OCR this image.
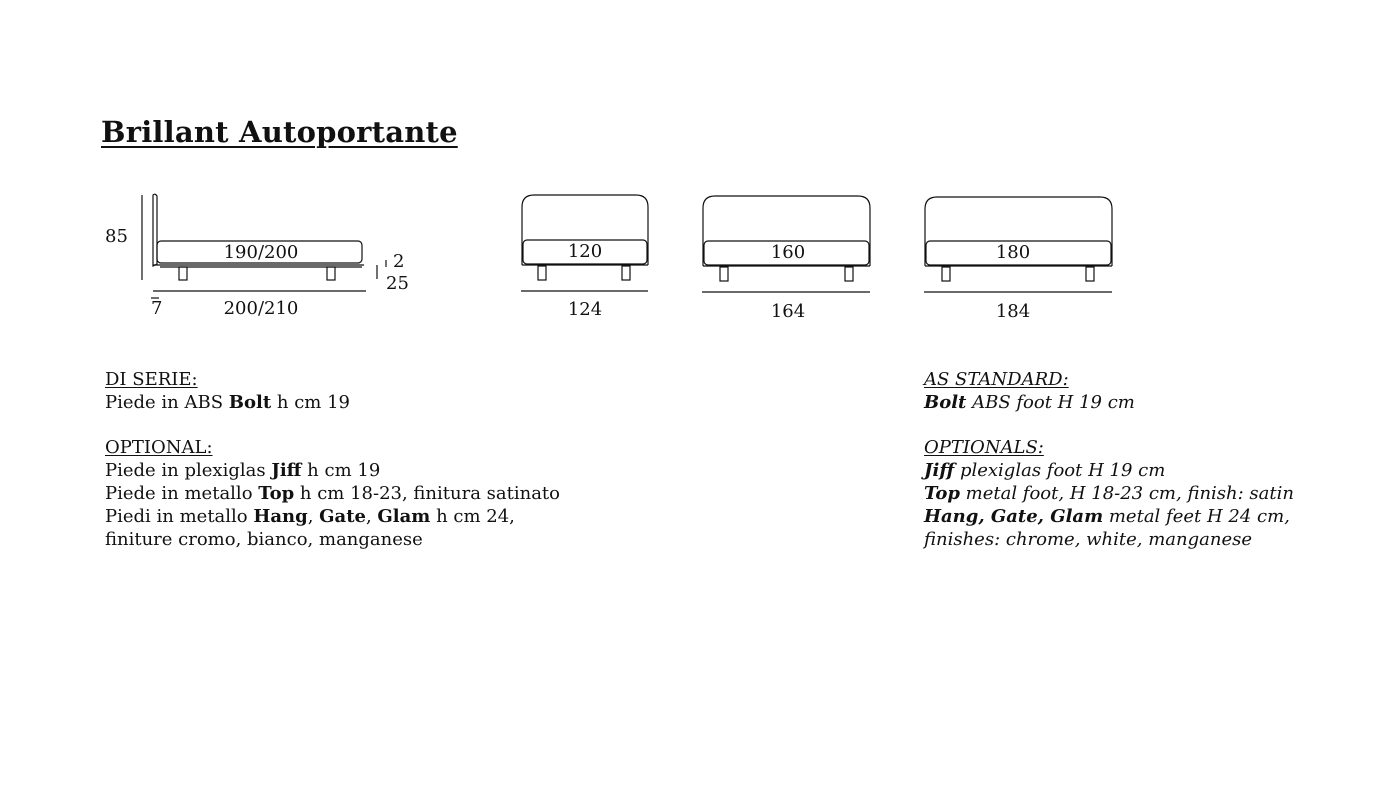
Brillant Autoportante
85
190/200	2
25
7	200/210
120
124
160
164
180
184
DI SERIE:
Piede in ABS Bolt h cm 19
OPTIONAL:
Piede in plexiglas Jiff h cm 19
Piede in metallo Top h cm 18-23, finitura satinato
Piedi in metallo Hang, Gate, Glam h cm 24,
finiture cromo, bianco, manganese
AS STANDARD:
Bolt ABS foot H 19 cm
OPTIONALS:
Jiff plexiglas foot H 19 cm
Top metal foot, H 18-23 cm, finish: satin
Hang, Gate, Glam metal feet H 24 cm,
finishes: chrome, white, manganese
